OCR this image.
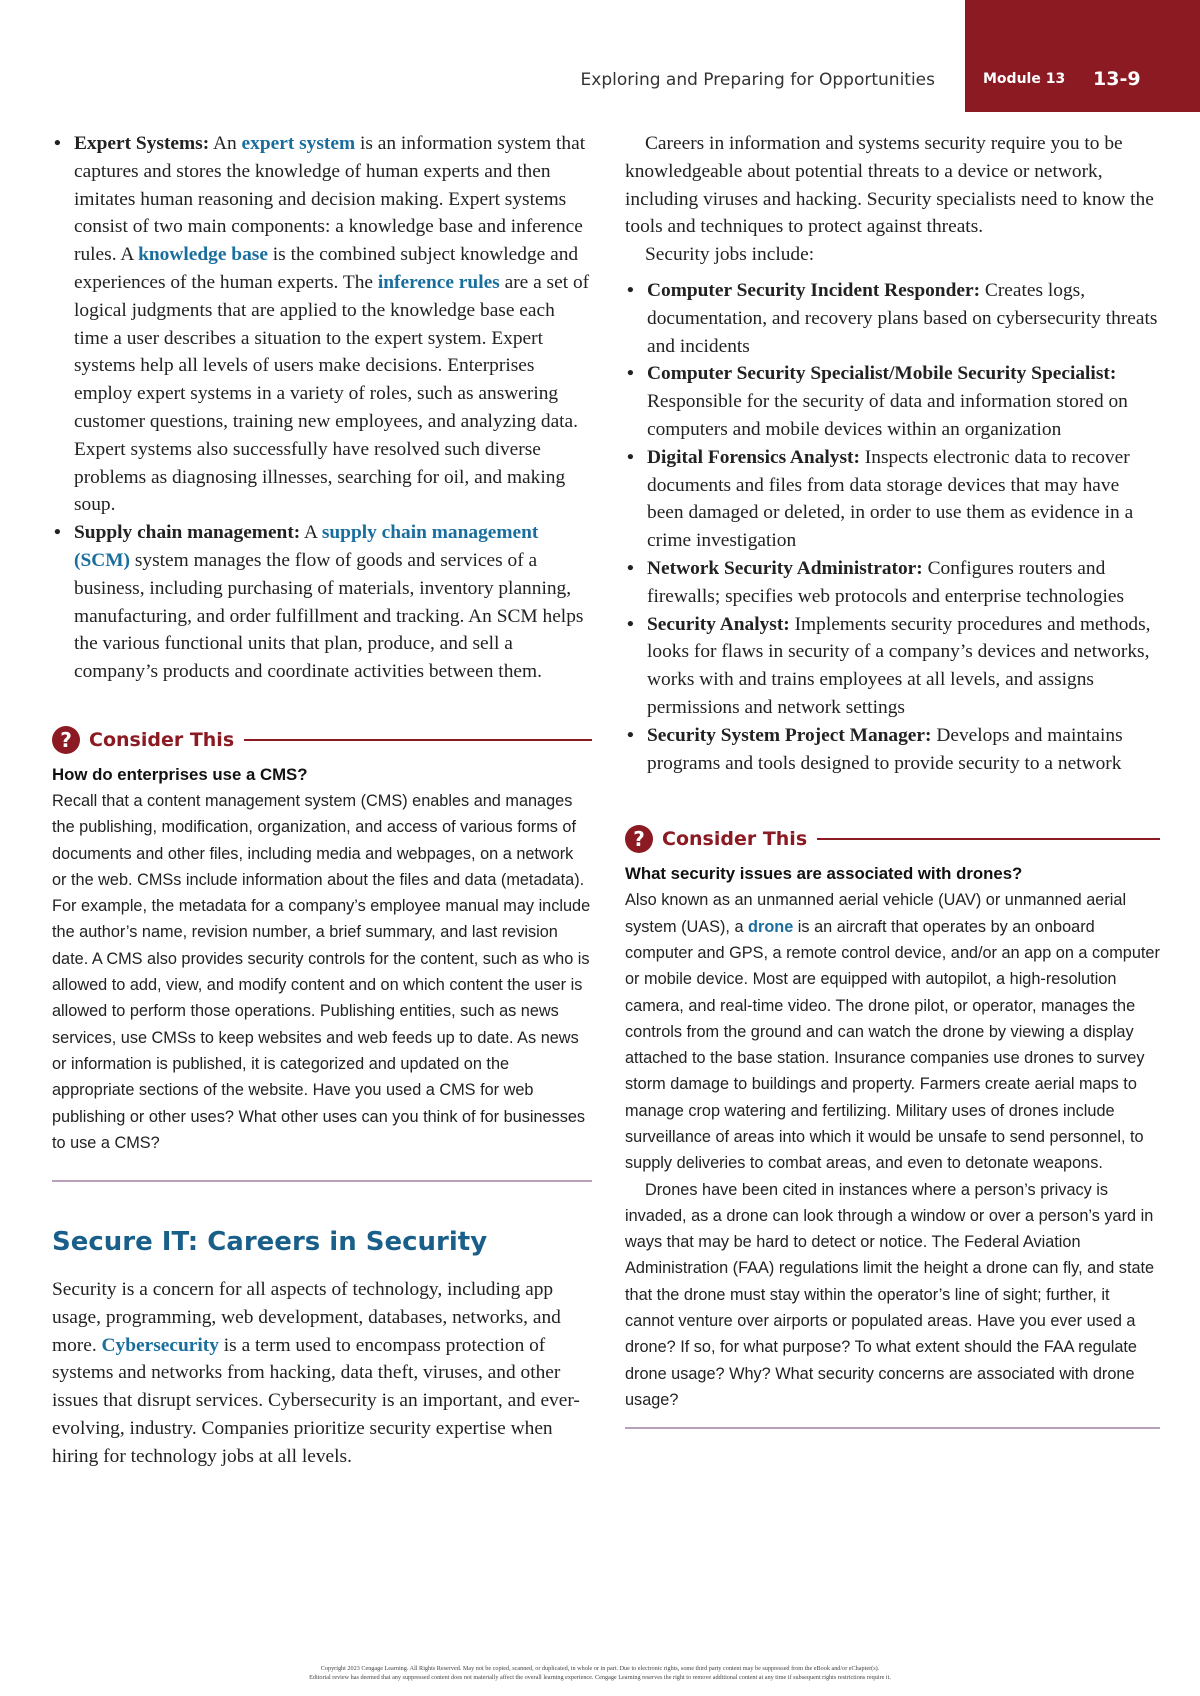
Exploring and Preparing for Opportunities	Module 13 13-9
• Expert Systems: An expert system is an information system that captures and stores the knowledge of human experts and then imitates human reasoning and decision making. Expert systems consist of two main components: a knowledge base and inference rules. A knowledge base is the combined subject knowledge and experiences of the human experts. The inference rules are a set of logical judgments that are applied to the knowledge base each time a user describes a situation to the expert system. Expert systems help all levels of users make decisions. Enterprises employ expert systems in a variety of roles, such as answering customer questions, training new employees, and analyzing data. Expert systems also successfully have resolved such diverse problems as diagnosing illnesses, searching for oil, and making soup.
• Supply chain management: A supply chain management (SCM) system manages the flow of goods and services of a business, including purchasing of materials, inventory planning, manufacturing, and order fulfillment and tracking. An SCM helps the various functional units that plan, produce, and sell a company’s products and coordinate activities between them.
? Consider This
How do enterprises use a CMS?

Recall that a content management system (CMS) enables and manages the publishing, modification, organization, and access of various forms of documents and other files, including media and webpages, on a network or the web. CMSs include information about the files and data (metadata). For example, the metadata for a company’s employee manual may include the author’s name, revision number, a brief summary, and last revision date. A CMS also provides security controls for the content, such as who is allowed to add, view, and modify content and on which content the user is allowed to perform those operations. Publishing entities, such as news services, use CMSs to keep websites and web feeds up to date. As news or information is published, it is categorized and updated on the appropriate sections of the website. Have you used a CMS for web publishing or other uses? What other uses can you think of for businesses to use a CMS?

Secure IT: Careers in Security

Security is a concern for all aspects of technology, including app usage, programming, web development, databases, networks, and more. Cybersecurity is a term used to encompass protection of systems and networks from hacking, data theft, viruses, and other issues that disrupt services. Cybersecurity is an important, and ever-evolving, industry. Companies prioritize security expertise when hiring for technology jobs at all levels.

Careers in information and systems security require you to be knowledgeable about potential threats to a device or network, including viruses and hacking. Security specialists need to know the tools and techniques to protect against threats.

Security jobs include:

• Computer Security Incident Responder: Creates logs, documentation, and recovery plans based on cybersecurity threats and incidents
• Computer Security Specialist/Mobile Security Specialist: Responsible for the security of data and information stored on computers and mobile devices within an organization
• Digital Forensics Analyst: Inspects electronic data to recover documents and files from data storage devices that may have been damaged or deleted, in order to use them as evidence in a crime investigation
• Network Security Administrator: Configures routers and firewalls; specifies web protocols and enterprise technologies
• Security Analyst: Implements security procedures and methods, looks for flaws in security of a company’s devices and networks, works with and trains employees at all levels, and assigns permissions and network settings
• Security System Project Manager: Develops and maintains programs and tools designed to provide security to a network
? Consider This
What security issues are associated with drones?

Also known as an unmanned aerial vehicle (UAV) or unmanned aerial system (UAS), a drone is an aircraft that operates by an onboard computer and GPS, a remote control device, and/or an app on a computer or mobile device. Most are equipped with autopilot, a high-resolution camera, and real-time video. The drone pilot, or operator, manages the controls from the ground and can watch the drone by viewing a display attached to the base station. Insurance companies use drones to survey storm damage to buildings and property. Farmers create aerial maps to manage crop watering and fertilizing. Military uses of drones include surveillance of areas into which it would be unsafe to send personnel, to supply deliveries to combat areas, and even to detonate weapons.

Drones have been cited in instances where a person’s privacy is invaded, as a drone can look through a window or over a person’s yard in ways that may be hard to detect or notice. The Federal Aviation Administration (FAA) regulations limit the height a drone can fly, and state that the drone must stay within the operator’s line of sight; further, it cannot venture over airports or populated areas. Have you ever used a drone? If so, for what purpose? To what extent should the FAA regulate drone usage? Why? What security concerns are associated with drone usage?

Copyright 2023 Cengage Learning. All Rights Reserved. May not be copied, scanned, or duplicated, in whole or in part. Due to electronic rights, some third party content may be suppressed from the eBook and/or eChapter(s).
Editorial review has deemed that any suppressed content does not materially affect the overall learning experience. Cengage Learning reserves the right to remove additional content at any time if subsequent rights restrictions require it.
